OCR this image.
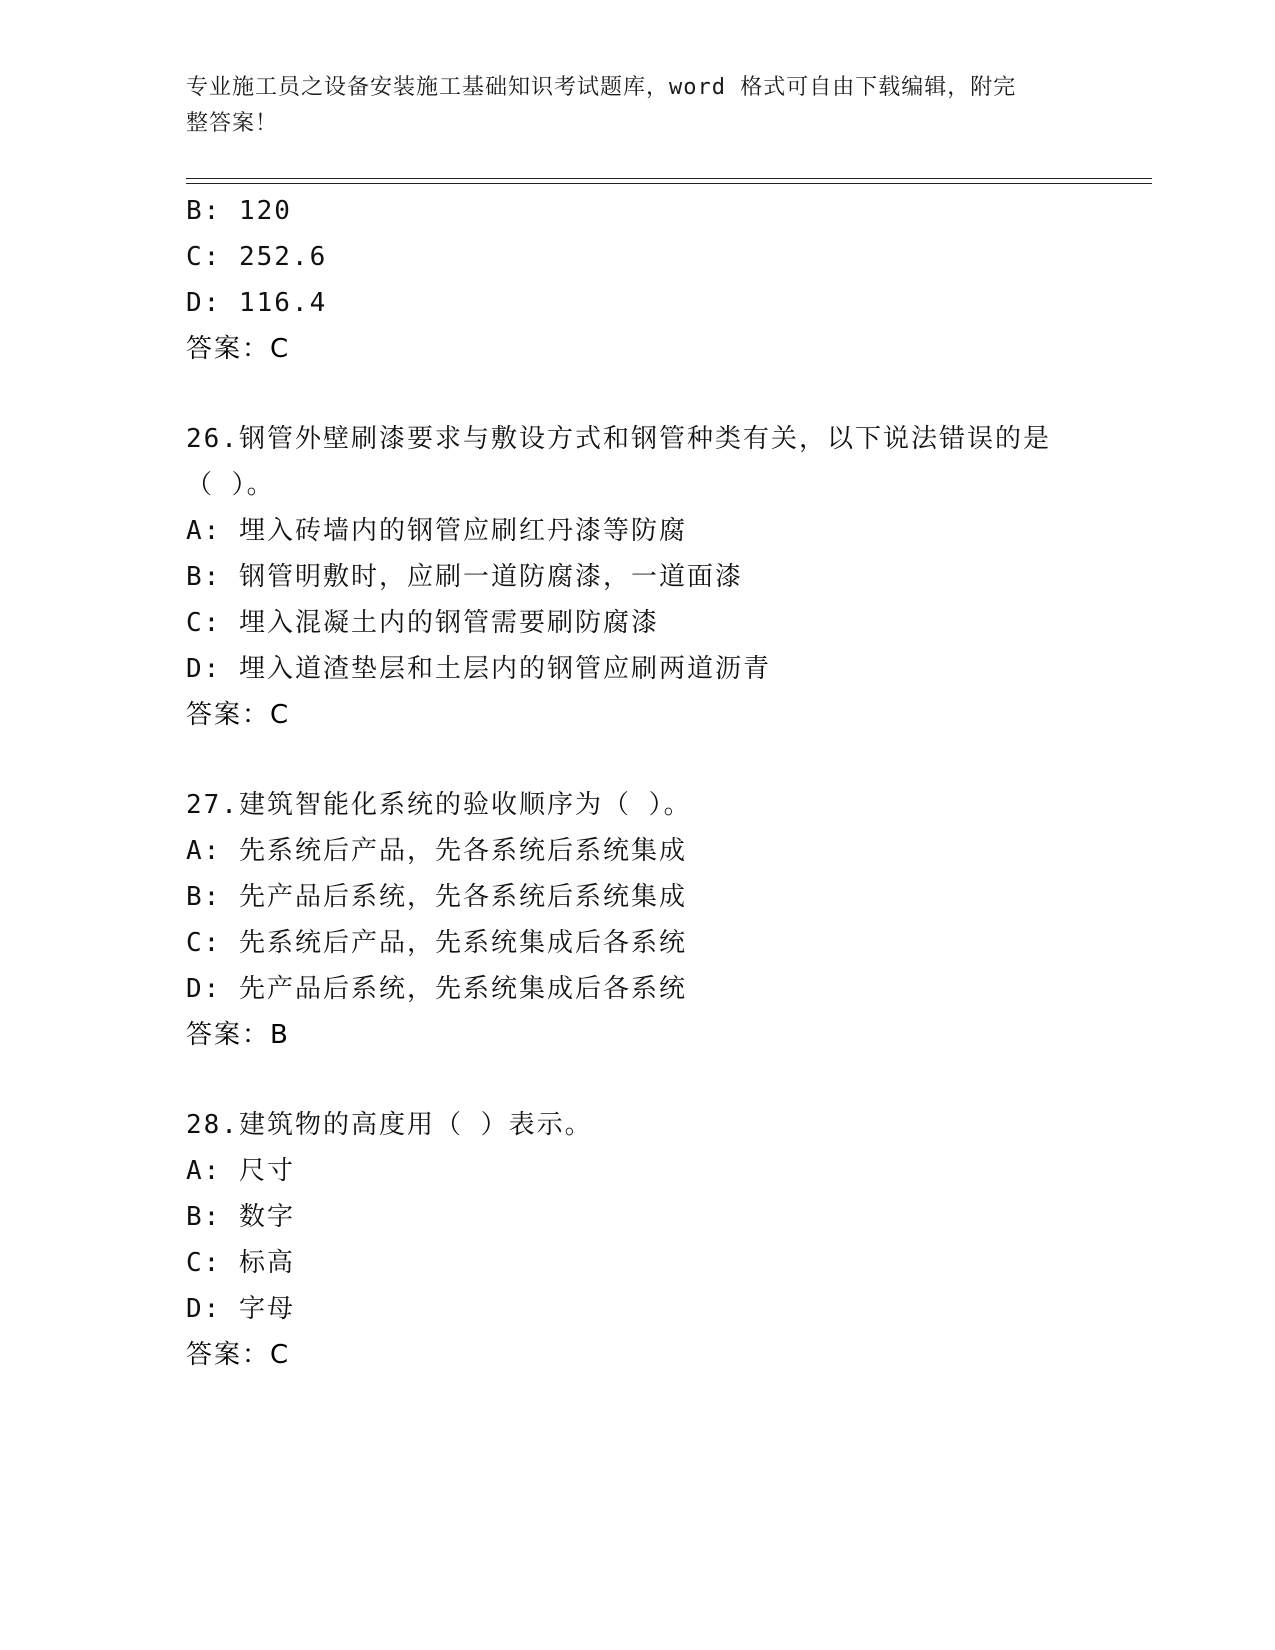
专业施工员之设备安装施工基础知识考试题库，word 格式可自由下载编辑，附完
整答案！
B: 120
C: 252.6
D: 116.4
答案：C
26.钢管外壁刷漆要求与敷设方式和钢管种类有关，以下说法错误的是
（ ）。
A: 埋入砖墙内的钢管应刷红丹漆等防腐
B: 钢管明敷时，应刷一道防腐漆，一道面漆
C: 埋入混凝土内的钢管需要刷防腐漆
D: 埋入道渣垫层和土层内的钢管应刷两道沥青
答案：C
27.建筑智能化系统的验收顺序为（ ）。
A: 先系统后产品，先各系统后系统集成
B: 先产品后系统，先各系统后系统集成
C: 先系统后产品，先系统集成后各系统
D: 先产品后系统，先系统集成后各系统
答案：B
28.建筑物的高度用（ ）表示。
A: 尺寸
B: 数字
C: 标高
D: 字母
答案：C
